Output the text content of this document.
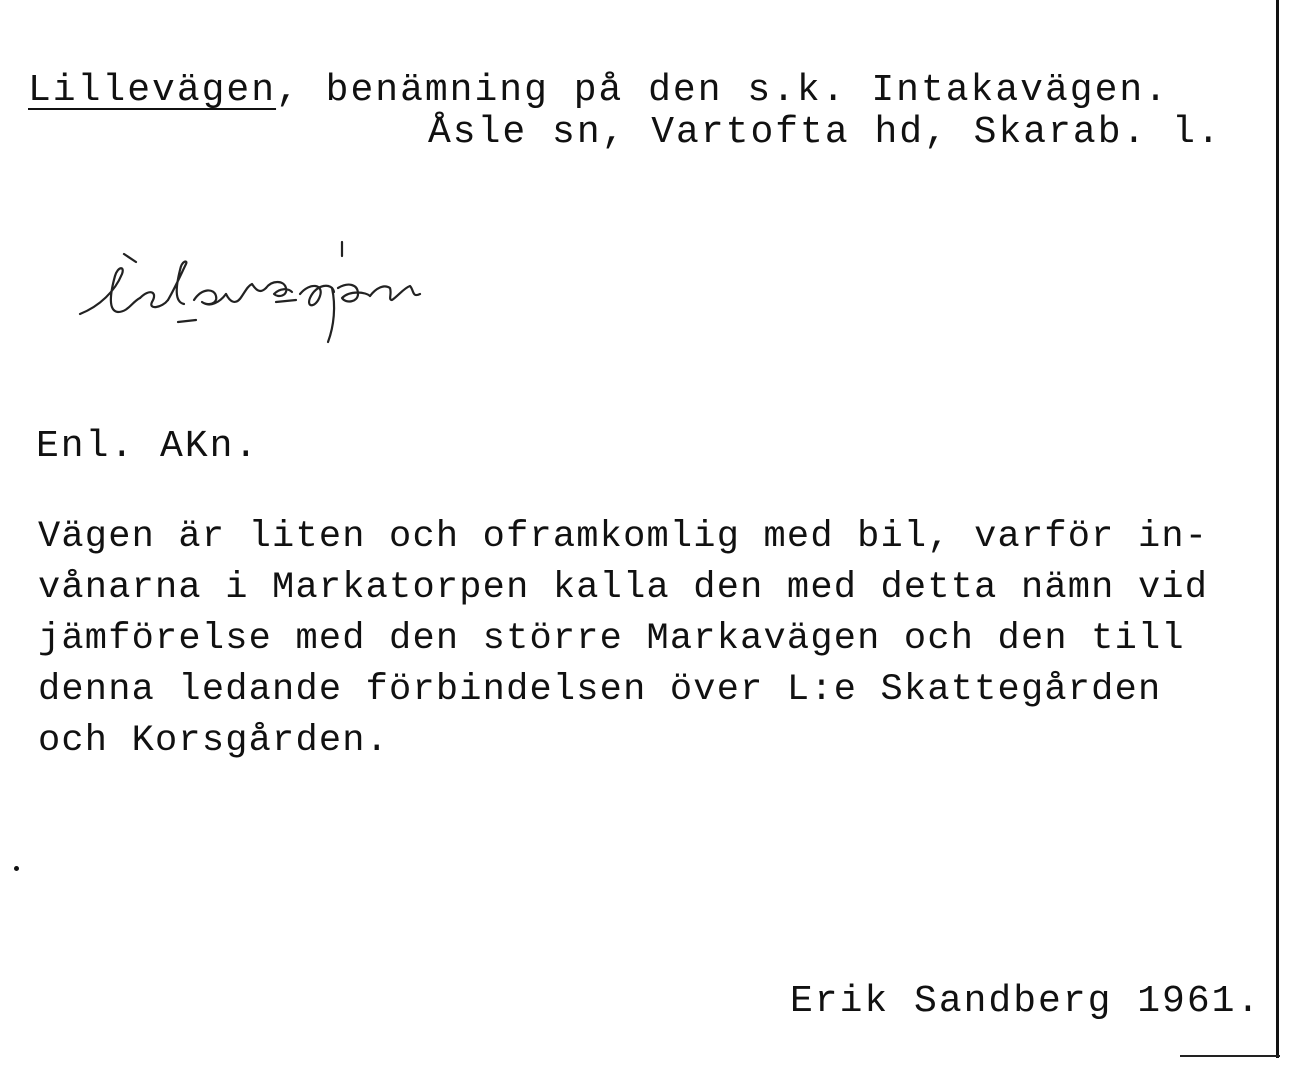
Lillevägen, benämning på den s.k. Intakavägen.
Åsle sn, Vartofta hd, Skarab. l.
lèləvä̧gən
Enl. AKn.
Vägen är liten och oframkomlig med bil, varför in-
vånarna i Markatorpen kalla den med detta nämn vid
jämförelse med den större Markavägen och den till
denna ledande förbindelsen över L:e Skattegården
och Korsgården.
Erik Sandberg 1961.
